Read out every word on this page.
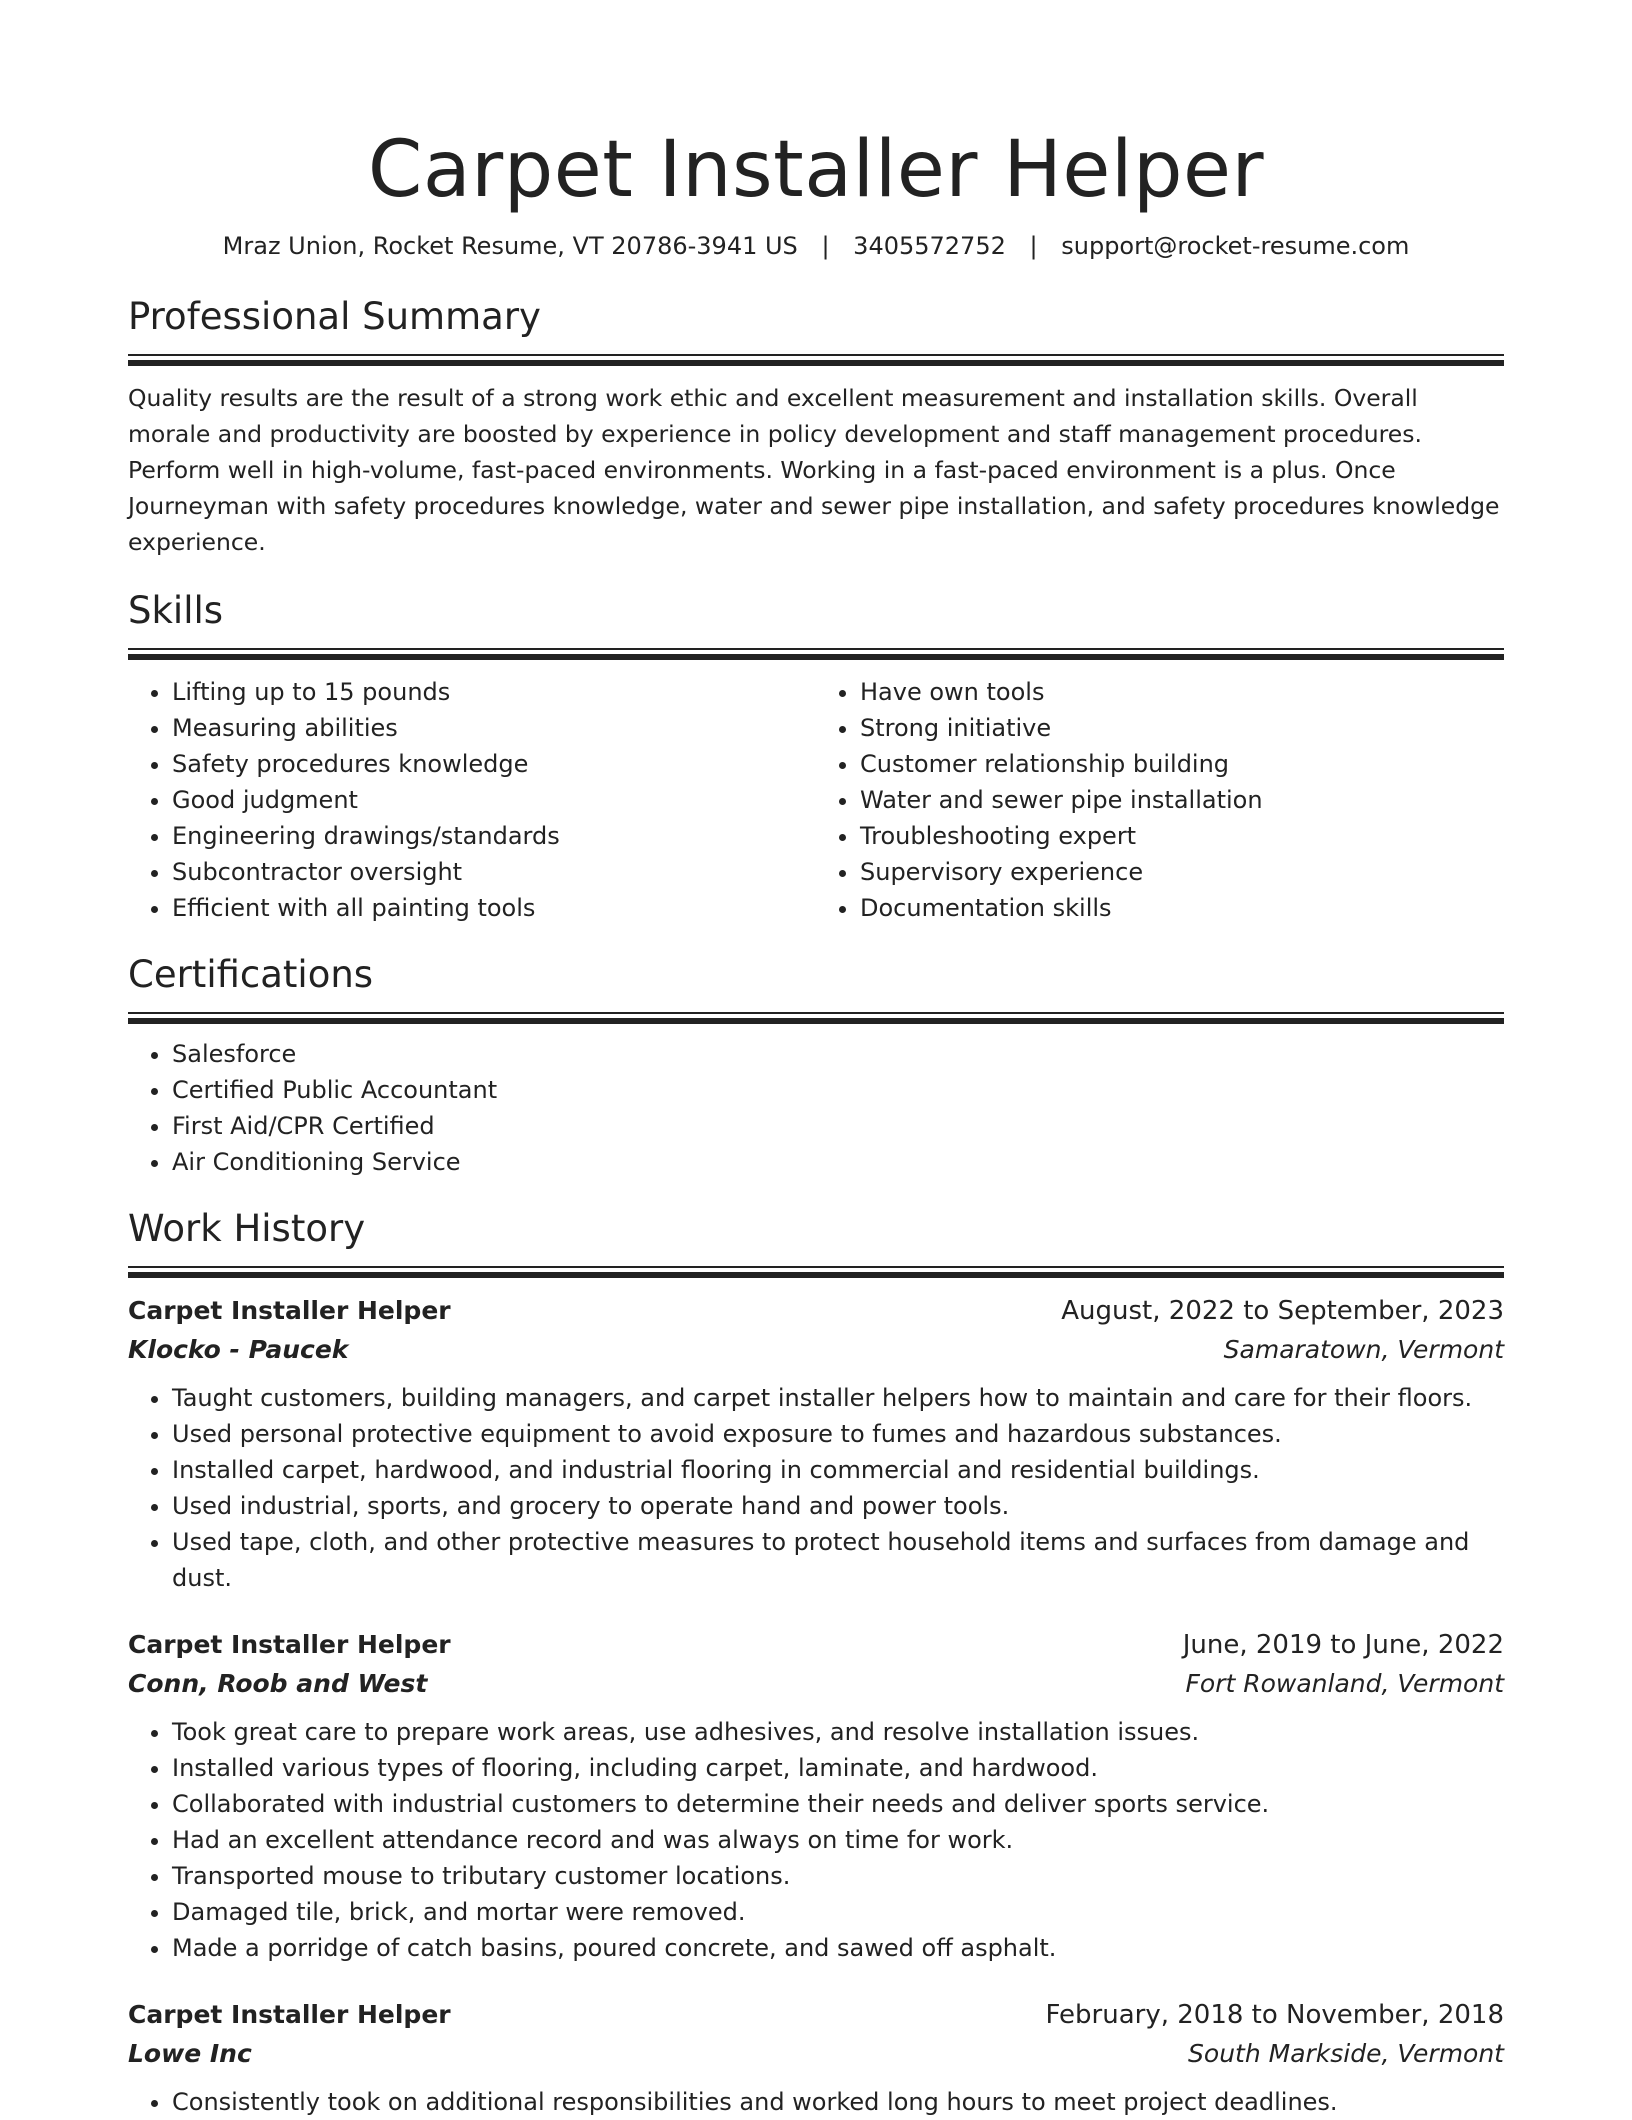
Carpet Installer Helper
Mraz Union, Rocket Resume, VT 20786-3941 US | 3405572752 | support@rocket-resume.com
Professional Summary
Quality results are the result of a strong work ethic and excellent measurement and installation skills. Overall morale and productivity are boosted by experience in policy development and staff management procedures. Perform well in high-volume, fast-paced environments. Working in a fast-paced environment is a plus. Once Journeyman with safety procedures knowledge, water and sewer pipe installation, and safety procedures knowledge experience.
Skills
• Lifting up to 15 pounds
• Measuring abilities
• Safety procedures knowledge
• Good judgment
• Engineering drawings/standards
• Subcontractor oversight
• Efficient with all painting tools
• Have own tools
• Strong initiative
• Customer relationship building
• Water and sewer pipe installation
• Troubleshooting expert
• Supervisory experience
• Documentation skills
Certifications
• Salesforce
• Certified Public Accountant
• First Aid/CPR Certified
• Air Conditioning Service
Work History
Carpet Installer Helper	August, 2022 to September, 2023
Klocko - Paucek	Samaratown, Vermont
• Taught customers, building managers, and carpet installer helpers how to maintain and care for their floors.
• Used personal protective equipment to avoid exposure to fumes and hazardous substances.
• Installed carpet, hardwood, and industrial flooring in commercial and residential buildings.
• Used industrial, sports, and grocery to operate hand and power tools.
• Used tape, cloth, and other protective measures to protect household items and surfaces from damage and dust.
Carpet Installer Helper	June, 2019 to June, 2022
Conn, Roob and West	Fort Rowanland, Vermont
• Took great care to prepare work areas, use adhesives, and resolve installation issues.
• Installed various types of flooring, including carpet, laminate, and hardwood.
• Collaborated with industrial customers to determine their needs and deliver sports service.
• Had an excellent attendance record and was always on time for work.
• Transported mouse to tributary customer locations.
• Damaged tile, brick, and mortar were removed.
• Made a porridge of catch basins, poured concrete, and sawed off asphalt.
Carpet Installer Helper	February, 2018 to November, 2018
Lowe Inc	South Markside, Vermont
• Consistently took on additional responsibilities and worked long hours to meet project deadlines.
